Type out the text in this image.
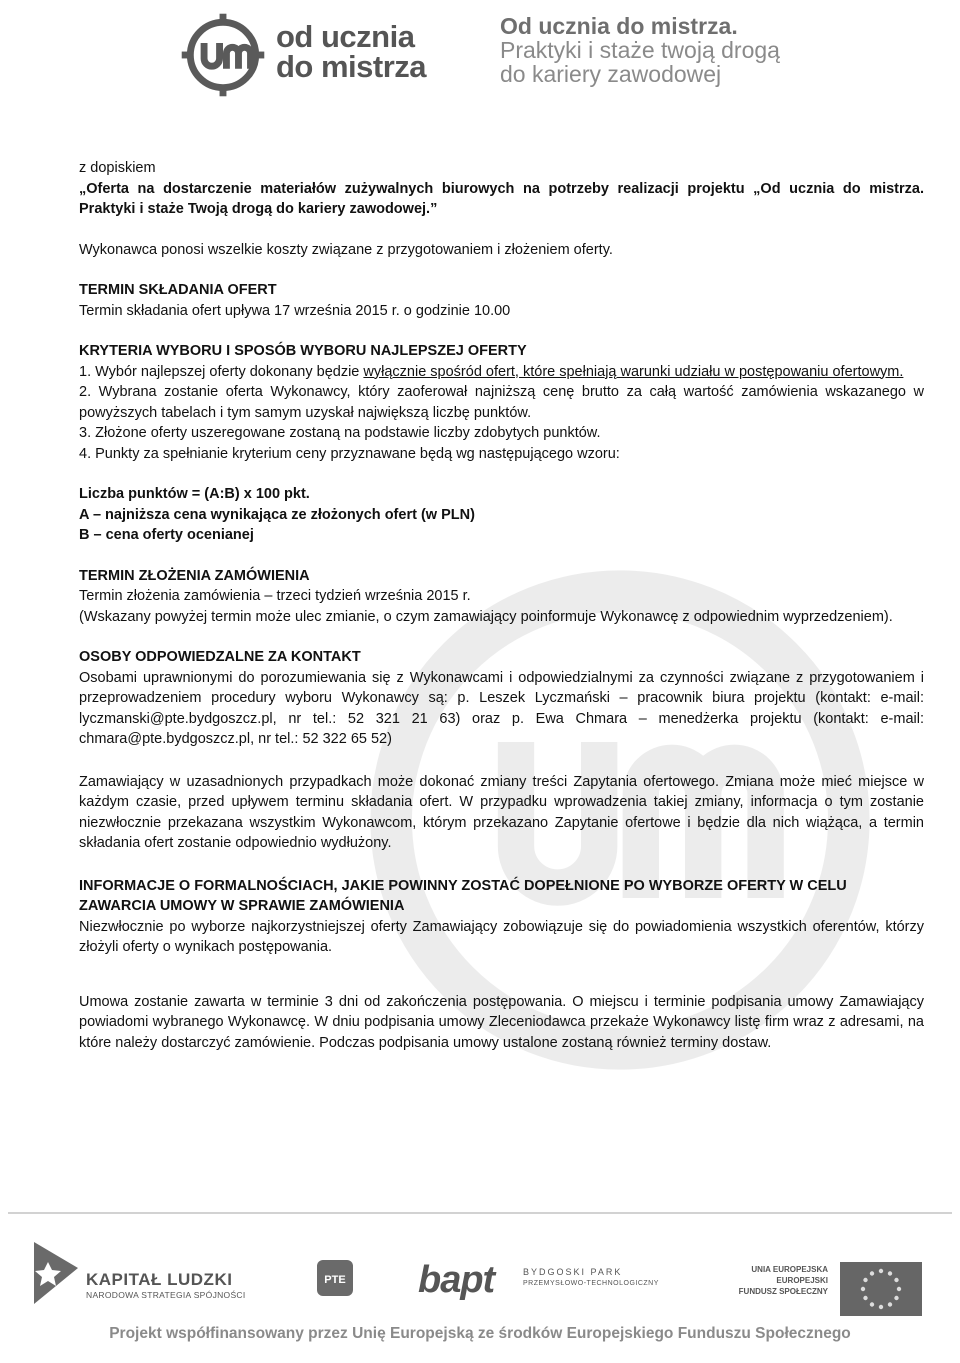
od ucznia
do mistrza
Od ucznia do mistrza.
Praktyki i staże twoją drogą
do kariery zawodowej

z dopiskiem

„Oferta na dostarczenie materiałów zużywalnych biurowych na potrzeby realizacji projektu „Od ucznia do mistrza. Praktyki i staże Twoją drogą do kariery zawodowej.”

Wykonawca ponosi wszelkie koszty związane z przygotowaniem i złożeniem oferty.

TERMIN SKŁADANIA OFERT

Termin składania ofert upływa 17 września 2015 r. o godzinie 10.00

KRYTERIA WYBORU I SPOSÓB WYBORU NAJLEPSZEJ OFERTY

1. Wybór najlepszej oferty dokonany będzie wyłącznie spośród ofert, które spełniają warunki udziału w postępowaniu ofertowym.

2. Wybrana zostanie oferta Wykonawcy, który zaoferował najniższą cenę brutto za całą wartość zamówienia wskazanego w powyższych tabelach i tym samym uzyskał największą liczbę punktów.

3. Złożone oferty uszeregowane zostaną na podstawie liczby zdobytych punktów.

4. Punkty za spełnianie kryterium ceny przyznawane będą wg następującego wzoru:

Liczba punktów = (A:B) x 100 pkt.

A – najniższa cena wynikająca ze złożonych ofert (w PLN)

B – cena oferty ocenianej

TERMIN ZŁOŻENIA ZAMÓWIENIA

Termin złożenia zamówienia – trzeci tydzień września 2015 r.

(Wskazany powyżej termin może ulec zmianie, o czym zamawiający poinformuje Wykonawcę z odpowiednim wyprzedzeniem).

OSOBY ODPOWIEDZALNE ZA KONTAKT

Osobami uprawnionymi do porozumiewania się z Wykonawcami i odpowiedzialnymi za czynności związane z przygotowaniem i przeprowadzeniem procedury wyboru Wykonawcy są: p. Leszek Lyczmański – pracownik biura projektu (kontakt: e-mail: lyczmanski@pte.bydgoszcz.pl, nr tel.: 52 321 21 63) oraz p. Ewa Chmara – menedżerka projektu (kontakt: e-mail: chmara@pte.bydgoszcz.pl, nr tel.: 52 322 65 52)

Zamawiający w uzasadnionych przypadkach może dokonać zmiany treści Zapytania ofertowego. Zmiana może mieć miejsce w każdym czasie, przed upływem terminu składania ofert. W przypadku wprowadzenia takiej zmiany, informacja o tym zostanie niezwłocznie przekazana wszystkim Wykonawcom, którym przekazano Zapytanie ofertowe i będzie dla nich wiążąca, a termin składania ofert zostanie odpowiednio wydłużony.

INFORMACJE O FORMALNOŚCIACH, JAKIE POWINNY ZOSTAĆ DOPEŁNIONE PO WYBORZE OFERTY W CELU ZAWARCIA UMOWY W SPRAWIE ZAMÓWIENIA

Niezwłocznie po wyborze najkorzystniejszej oferty Zamawiający zobowiązuje się do powiadomienia wszystkich oferentów, którzy złożyli oferty o wynikach postępowania.

Umowa zostanie zawarta w terminie 3 dni od zakończenia postępowania. O miejscu i terminie podpisania umowy Zamawiający powiadomi wybranego Wykonawcę. W dniu podpisania umowy Zleceniodawca przekaże Wykonawcy listę firm wraz z adresami, na które należy dostarczyć zamówienie. Podczas podpisania umowy ustalone zostaną również terminy dostaw.

KAPITAŁ LUDZKI
NARODOWA STRATEGIA SPÓJNOŚCI
PTE bapt	BYDGOSKI PARK
PRZEMYSŁOWO-TECHNOLOGICZNY
UNIA EUROPEJSKA
EUROPEJSKI
FUNDUSZ SPOŁECZNY
Projekt współfinansowany przez Unię Europejską ze środków Europejskiego Funduszu Społecznego
